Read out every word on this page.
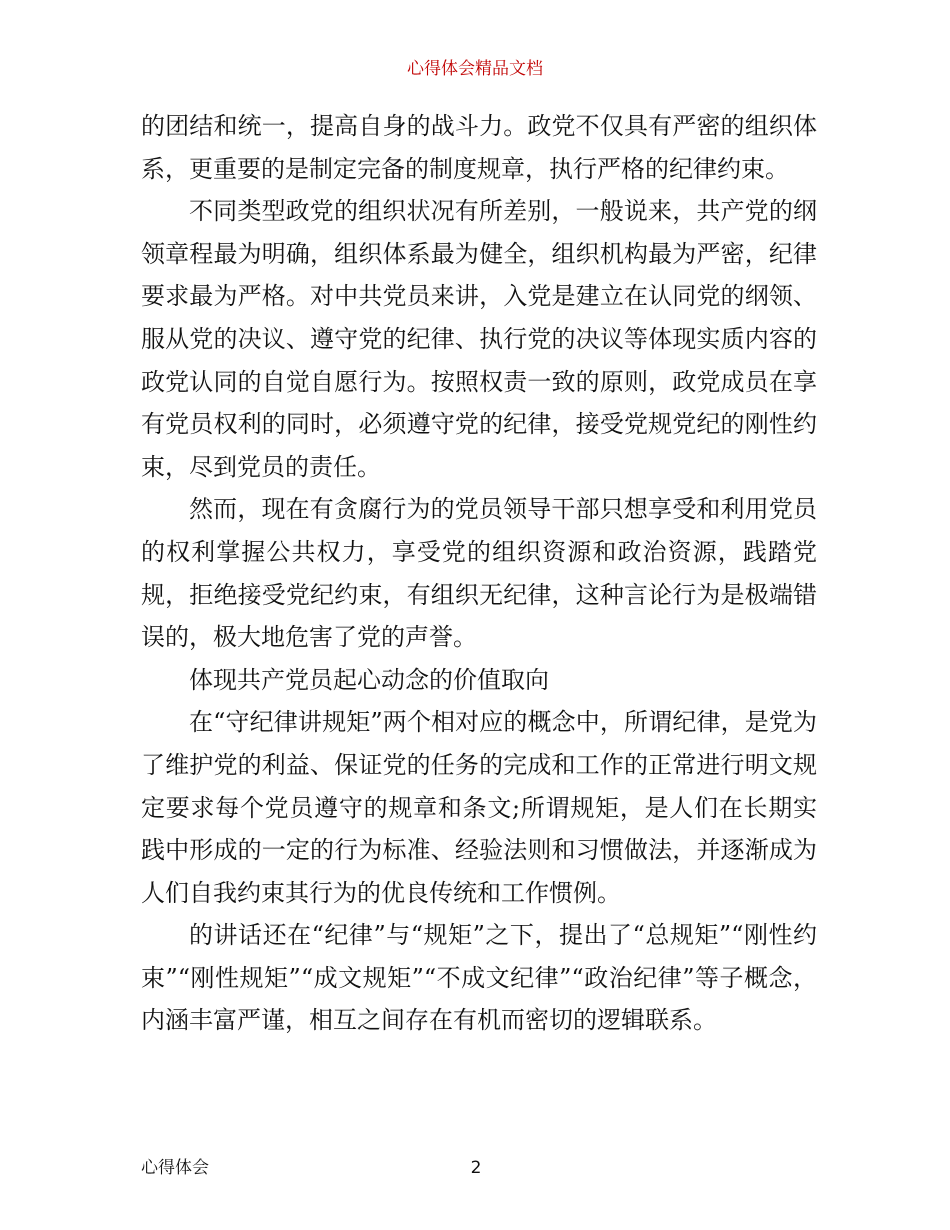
心得体会精品文档

的团结和统一，提高自身的战斗力。政党不仅具有严密的组织体系，更重要的是制定完备的制度规章，执行严格的纪律约束。

不同类型政党的组织状况有所差别，一般说来，共产党的纲领章程最为明确，组织体系最为健全，组织机构最为严密，纪律要求最为严格。对中共党员来讲，入党是建立在认同党的纲领、服从党的决议、遵守党的纪律、执行党的决议等体现实质内容的政党认同的自觉自愿行为。按照权责一致的原则，政党成员在享有党员权利的同时，必须遵守党的纪律，接受党规党纪的刚性约束，尽到党员的责任。

然而，现在有贪腐行为的党员领导干部只想享受和利用党员的权利掌握公共权力，享受党的组织资源和政治资源，践踏党规，拒绝接受党纪约束，有组织无纪律，这种言论行为是极端错误的，极大地危害了党的声誉。

体现共产党员起心动念的价值取向

在“守纪律讲规矩”两个相对应的概念中，所谓纪律，是党为了维护党的利益、保证党的任务的完成和工作的正常进行明文规定要求每个党员遵守的规章和条文;所谓规矩，是人们在长期实践中形成的一定的行为标准、经验法则和习惯做法，并逐渐成为人们自我约束其行为的优良传统和工作惯例。

的讲话还在“纪律”与“规矩”之下，提出了“总规矩”“刚性约束”“刚性规矩”“成文规矩”“不成文纪律”“政治纪律”等子概念，内涵丰富严谨，相互之间存在有机而密切的逻辑联系。

心得体会	2
